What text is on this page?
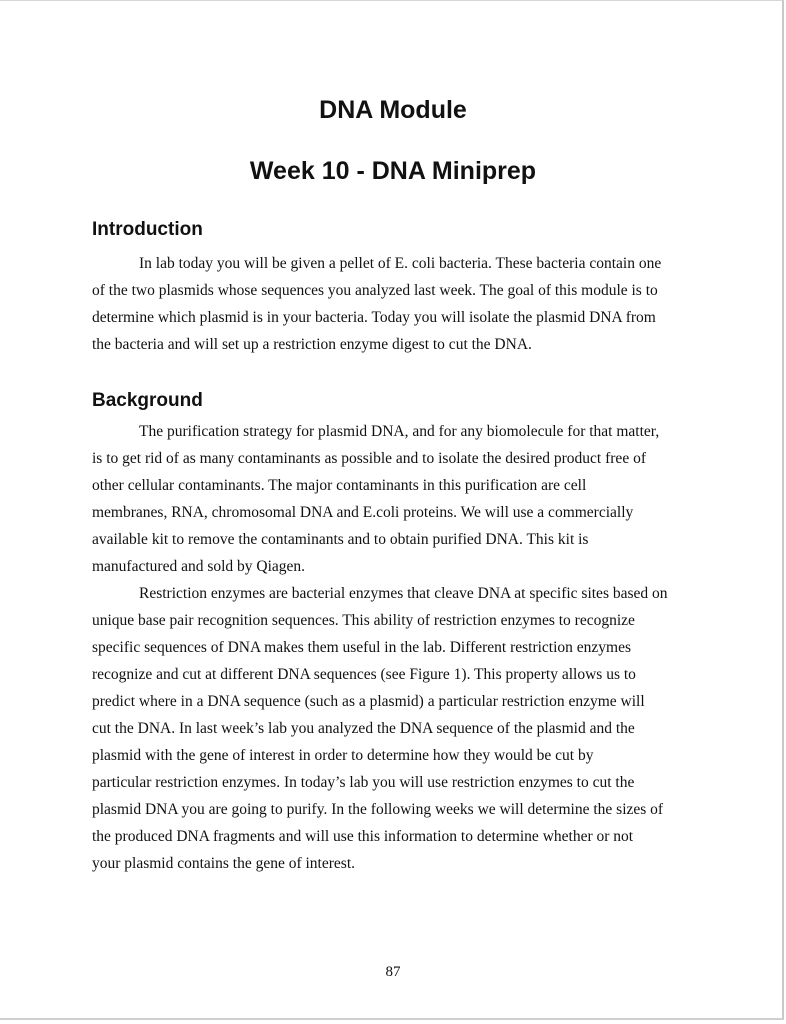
DNA Module
Week 10 - DNA Miniprep
Introduction
In lab today you will be given a pellet of E. coli bacteria. These bacteria contain one
of the two plasmids whose sequences you analyzed last week. The goal of this module is to
determine which plasmid is in your bacteria. Today you will isolate the plasmid DNA from
the bacteria and will set up a restriction enzyme digest to cut the DNA.
Background
The purification strategy for plasmid DNA, and for any biomolecule for that matter,
is to get rid of as many contaminants as possible and to isolate the desired product free of
other cellular contaminants. The major contaminants in this purification are cell
membranes, RNA, chromosomal DNA and E.coli proteins. We will use a commercially
available kit to remove the contaminants and to obtain purified DNA. This kit is
manufactured and sold by Qiagen.
Restriction enzymes are bacterial enzymes that cleave DNA at specific sites based on
unique base pair recognition sequences. This ability of restriction enzymes to recognize
specific sequences of DNA makes them useful in the lab. Different restriction enzymes
recognize and cut at different DNA sequences (see Figure 1). This property allows us to
predict where in a DNA sequence (such as a plasmid) a particular restriction enzyme will
cut the DNA. In last week’s lab you analyzed the DNA sequence of the plasmid and the
plasmid with the gene of interest in order to determine how they would be cut by
particular restriction enzymes. In today’s lab you will use restriction enzymes to cut the
plasmid DNA you are going to purify. In the following weeks we will determine the sizes of
the produced DNA fragments and will use this information to determine whether or not
your plasmid contains the gene of interest.
87
